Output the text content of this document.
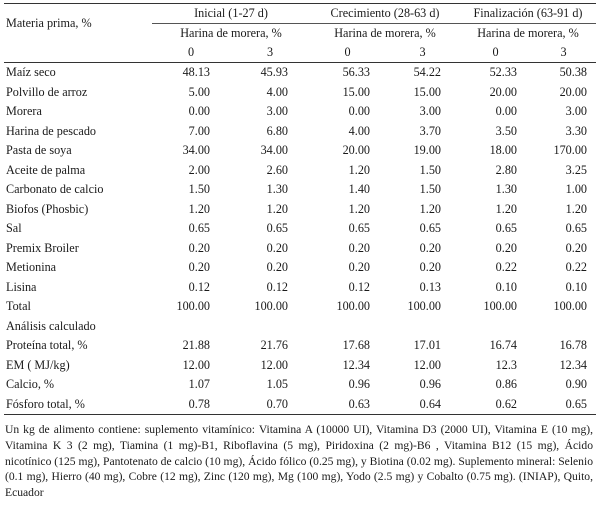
Materia prima, %	Inicial (1-27 d)		Crecimiento (28-63 d)		Finalización (63-91 d)	
	Harina de morera, %		Harina de morera, %		Harina de morera, %	
	0	3	0	3	0	3
Maíz seco	48.13	45.93	56.33	54.22	52.33	50.38
Polvillo de arroz	5.00	4.00	15.00	15.00	20.00	20.00
Morera	0.00	3.00	0.00	3.00	0.00	3.00
Harina de pescado	7.00	6.80	4.00	3.70	3.50	3.30
Pasta de soya	34.00	34.00	20.00	19.00	18.00	170.00
Aceite de palma	2.00	2.60	1.20	1.50	2.80	3.25
Carbonato de calcio	1.50	1.30	1.40	1.50	1.30	1.00
Biofos (Phosbic)	1.20	1.20	1.20	1.20	1.20	1.20
Sal	0.65	0.65	0.65	0.65	0.65	0.65
Premix Broiler	0.20	0.20	0.20	0.20	0.20	0.20
Metionina	0.20	0.20	0.20	0.20	0.22	0.22
Lisina	0.12	0.12	0.12	0.13	0.10	0.10
Total	100.00	100.00	100.00	100.00	100.00	100.00
Análisis calculado						
Proteína total, %	21.88	21.76	17.68	17.01	16.74	16.78
EM ( MJ/kg)	12.00	12.00	12.34	12.00	12.3	12.34
Calcio, %	1.07	1.05	0.96	0.96	0.86	0.90
Fósforo total, %	0.78	0.70	0.63	0.64	0.62	0.65
Un kg de alimento contiene: suplemento vitamínico: Vitamina A (10000 UI), Vitamina D3 (2000 UI), Vitamina E (10 mg), Vitamina K 3 (2 mg), Tiamina (1 mg)-B1, Riboflavina (5 mg), Piridoxina (2 mg)-B6 , Vitamina B12 (15 mg), Ácido nicotínico (125 mg), Pantotenato de calcio (10 mg), Ácido fólico (0.25 mg), y Biotina (0.02 mg). Suplemento mineral: Selenio (0.1 mg), Hierro (40 mg), Cobre (12 mg), Zinc (120 mg), Mg (100 mg), Yodo (2.5 mg) y Cobalto (0.75 mg). (INIAP), Quito, Ecuador
